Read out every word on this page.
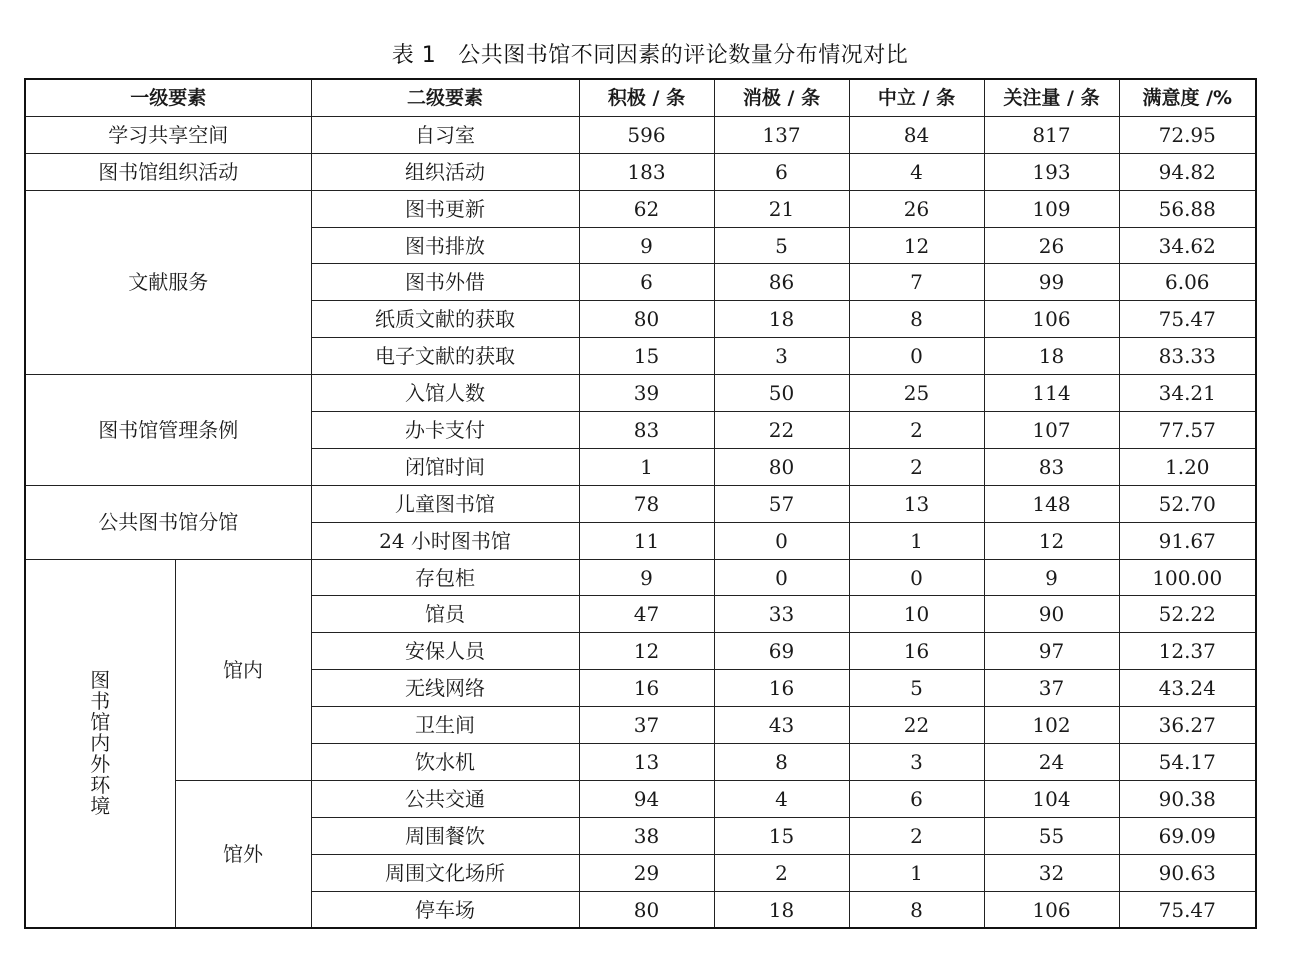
表 1 公共图书馆不同因素的评论数量分布情况对比
一级要素		二级要素	积极 / 条	消极 / 条	中立 / 条	关注量 / 条	满意度 /%
学习共享空间		自习室	596	137	84	817	72.95
图书馆组织活动		组织活动	183	6	4	193	94.82
文献服务		图书更新	62	21	26	109	56.88
		图书排放	9	5	12	26	34.62
		图书外借	6	86	7	99	6.06
		纸质文献的获取	80	18	8	106	75.47
		电子文献的获取	15	3	0	18	83.33
图书馆管理条例		入馆人数	39	50	25	114	34.21
		办卡支付	83	22	2	107	77.57
		闭馆时间	1	80	2	83	1.20
公共图书馆分馆		儿童图书馆	78	57	13	148	52.70
		24 小时图书馆	11	0	1	12	91.67
图书馆内外环境	馆内	存包柜	9	0	0	9	100.00
		馆员	47	33	10	90	52.22
		安保人员	12	69	16	97	12.37
		无线网络	16	16	5	37	43.24
		卫生间	37	43	22	102	36.27
		饮水机	13	8	3	24	54.17
	馆外	公共交通	94	4	6	104	90.38
		周围餐饮	38	15	2	55	69.09
		周围文化场所	29	2	1	32	90.63
		停车场	80	18	8	106	75.47
